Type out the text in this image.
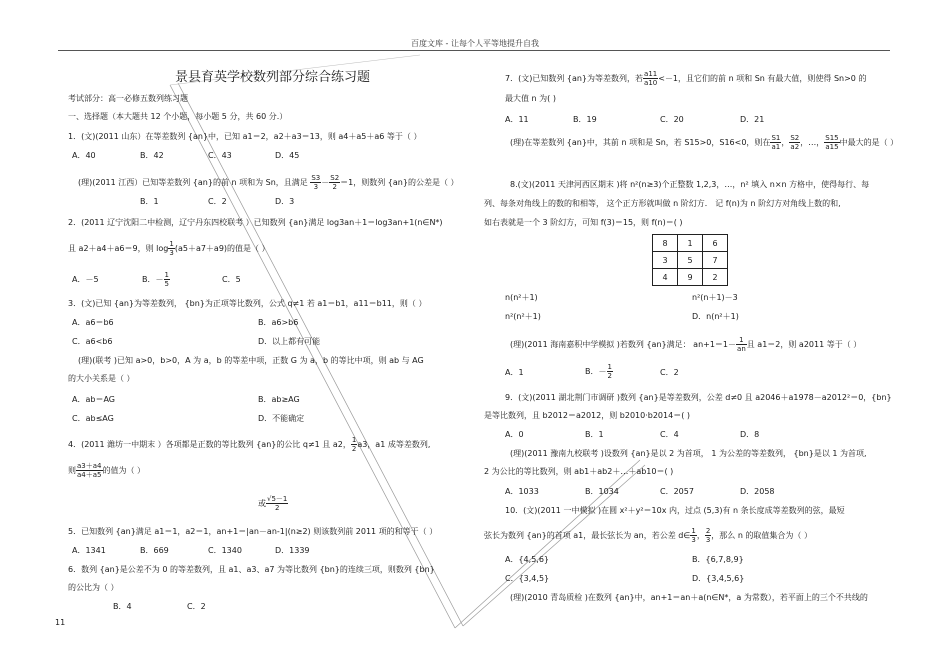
百度文库 - 让每个人平等地提升自我
景县育英学校数列部分综合练习题
考试部分：高一必修五数列练习题
一、选择题（本大题共 12 个小题，每小题 5 分，共 60 分.）
1．(文)(2011 山东）在等差数列 {an}中，已知 a1＝2，a2＋a3＝13，则 a4＋a5＋a6 等于（ ）
A．40	B．42	C．43	D．45
(理)(2011 江西）已知等差数列 {an}的前 n 项和为 Sn，且满足 $\frac{S3}{3} - \frac{S2}{2} =1$，则数列 {an}的公差是（ ）
B．1	C．2	D．3
2．(2011 辽宁沈阳二中检测，辽宁丹东四校联考 ）已知数列 {an}满足 log3an＋1＝log3an+1(n∈N*)
且 a2＋a4＋a6＝9，则 $\log \frac{1}{3} (a5+a7+a9)$的值是（ ）
A．－5	B．－ $\frac{1}{5}$	C．5
3．(文)已知 {an}为等差数列， {bn}为正项等比数列，公式 q≠1 若 a1＝b1，a11＝b11，则（ ）
A．a6＝b6	B．a6>b6
C．a6<b6	D．以上都有可能
(理)(联考 )已知 a>0，b>0，A 为 a，b 的等差中项，正数 G 为 a，b 的等比中项，则 ab 与 AG
的大小关系是（ ）
A．ab＝AG	B．ab≥AG
C．ab≤AG	D．不能确定
4．(2011 潍坊一中期末 ）各项都是正数的等比数列 {an}的公比 q≠1 且 a2， $\frac{1}{2} a3$，a1 成等差数列,
则 $\frac{a3+a4}{a4+a5}$ 的值为（ ）
或 $\frac{√5-1}{2}$
5．已知数列 {an}满足 a1＝1，a2＝1，an+1＝|an－an-1|(n≥2) 则该数列前 2011 项的和等于（ ）
A．1341	B．669	C．1340	D．1339
6．数列 {an}是公差不为 0 的等差数列，且 a1、a3、a7 为等比数列 {bn}的连续三项，则数列 {bn}
的公比为（ ）
B．4	C．2
11
7．(文)已知数列 {an}为等差数列，若 $\frac{a11}{a10} <-1$，且它们的前 n 项和 Sn 有最大值，则使得 Sn>0 的
最大值 n 为( )
A．11	B．19	C．20	D．21
(理)在等差数列 {an}中，其前 n 项和是 Sn，若 S15>0，S16<0，则在 $\frac{S1}{a1}$ ， $\frac{S2}{a2}$ ，…， $\frac{S15}{a15}$ 中最大的是（ ）
8.(文)(2011 天津河西区期末 )将 n²(n≥3)个正整数 1,2,3，…，n² 填入 n×n 方格中，使得每行、每
列、每条对角线上的数的和相等， 这个正方形就叫做 n 阶幻方． 记 f(n)为 n 阶幻方对角线上数的和,
如右表就是一个 3 阶幻方，可知 f(3)＝15，则 f(n)＝( )
8	1	6
3	5	7
4	9	2
n(n²＋1)	n²(n＋1)－3
n²(n²＋1)	D．n(n²＋1)
(理)(2011 海南嘉积中学模拟 )若数列 {an}满足： $an+1=1- \frac{1}{an}$ 且 a1＝2，则 a2011 等于（ ）
A．1	B．－ $\frac{1}{2}$	C．2
9．(文)(2011 湖北荆门市调研 )数列 {an}是等差数列，公差 d≠0 且 a2046＋a1978－a2012²＝0，{bn}
是等比数列，且 b2012＝a2012，则 b2010·b2014＝( )
A．0	B．1	C．4	D．8
(理)(2011 豫南九校联考 )设数列 {an}是以 2 为首项， 1 为公差的等差数列， {bn}是以 1 为首项,
2 为公比的等比数列，则 ab1＋ab2＋…＋ab10＝( )
A．1033	B．1034	C．2057	D．2058
10．(文)(2011 一中模拟 )在圆 x²＋y²＝10x 内，过点 (5,3)有 n 条长度成等差数列的弦，最短
弦长为数列 {an}的首项 a1，最长弦长为 an，若公差 d∈ $\frac{1}{3}$ ， $\frac{2}{3}$ ，那么 n 的取值集合为（ ）
A．{4,5,6}	B．{6,7,8,9}
C．{3,4,5}	D．{3,4,5,6}
(理)(2010 青岛质检 )在数列 {an}中，an+1＝an＋a(n∈N*，a 为常数），若平面上的三个不共线的
